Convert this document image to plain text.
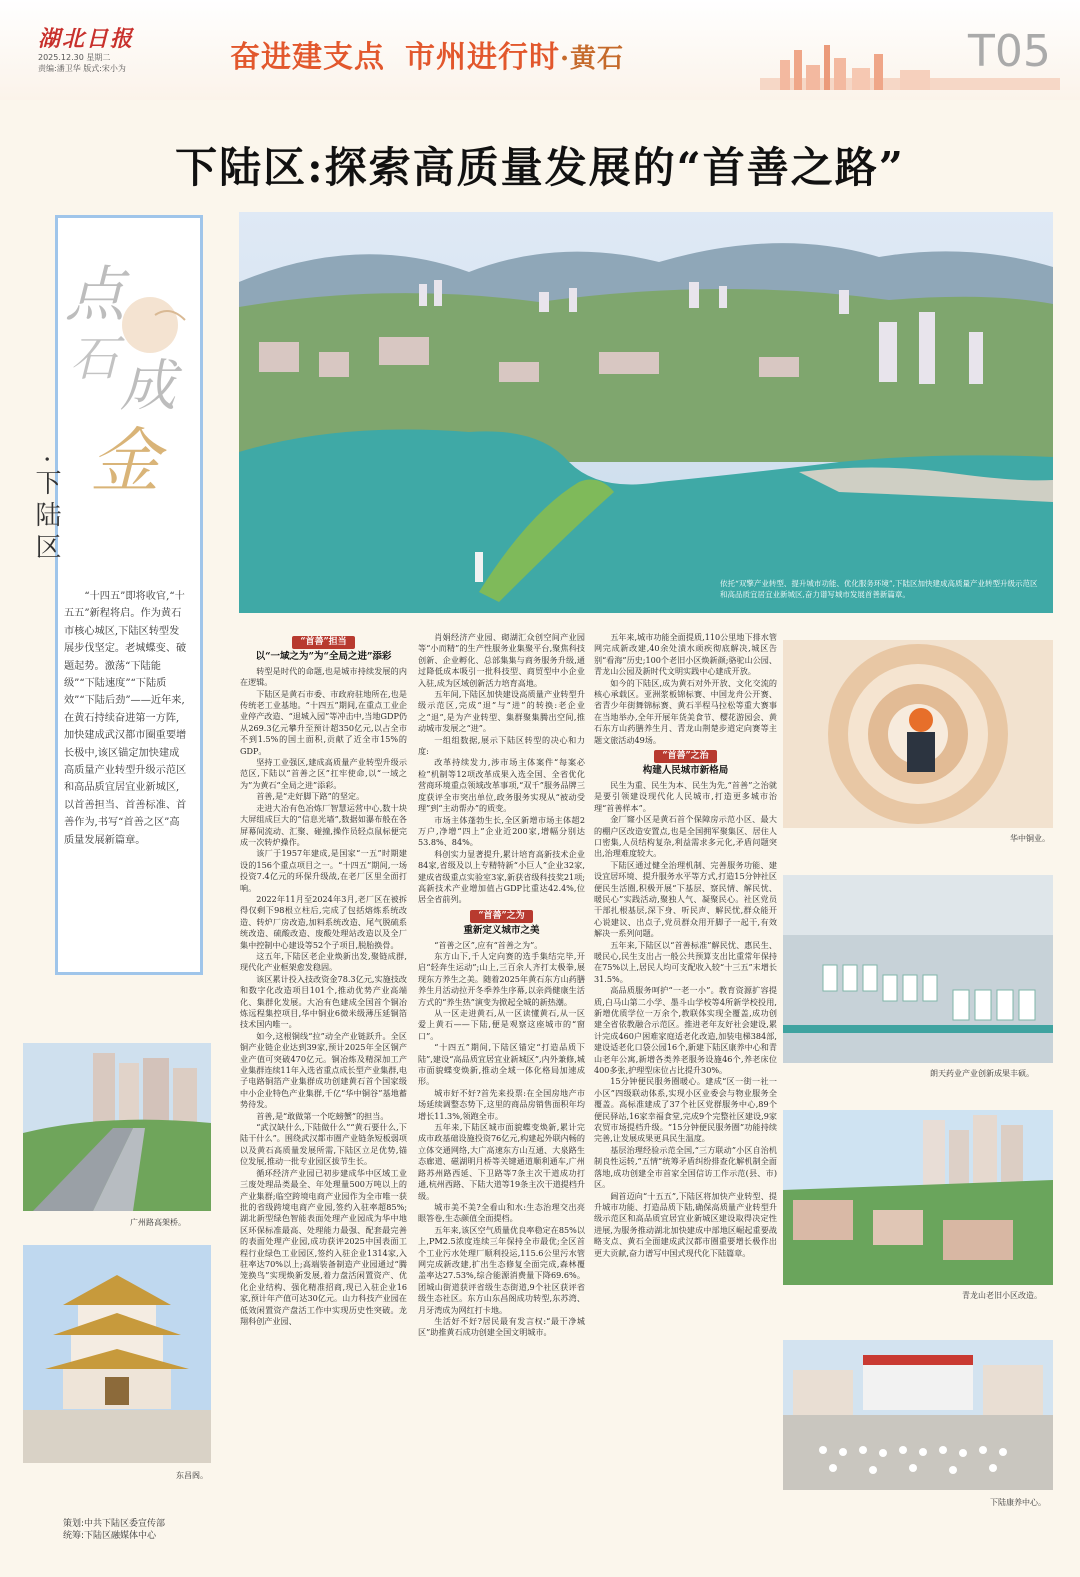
湖北日报
2025.12.30 星期二
责编:潘卫华 版式:宋小为	奋进建支点 市州进行时·黄石	T05
下陆区:探索高质量发展的“首善之路”
点
石 成
金
·下陆区
“十四五”即将收官,“十五五”新程将启。作为黄石市核心城区,下陆区转型发展步伐坚定。老城蝶变、破题起势。激荡“下陆能级”“下陆速度”“下陆质效”“下陆后劲”——近年来,在黄石持续奋进第一方阵,加快建成武汉都市圈重要增长极中,该区锚定加快建成高质量产业转型升级示范区和高品质宜居宜业新城区,以首善担当、首善标准、首善作为,书写“首善之区”高质量发展新篇章。
依托“双擎产业转型、提升城市功能、优化服务环境”,下陆区加快建成高质量产业转型升级示范区和高品质宜居宜业新城区,奋力谱写城市发展首善新篇章。
广州路高架桥。
东昌阁。
华中铜业。
朗天药业产业创新成果丰硕。
青龙山老旧小区改造。
下陆康养中心。
策划:中共下陆区委宣传部
统筹:下陆区融媒体中心
“首善”担当
以“一域之为”为“全局之进”添彩

转型是时代的命题,也是城市持续发展的内在逻辑。

下陆区是黄石市委、市政府驻地所在,也是传统老工业基地。“十四五”期间,在重点工业企业停产改造、“退城入园”等冲击中,当地GDP仍从269.3亿元攀升至预计超350亿元,以占全市不到1.5%的国土面积,贡献了近全市15%的GDP。

坚持工业强区,建成高质量产业转型升级示范区,下陆以“首善之区”扛牢使命,以“一域之为”为黄石“全局之进”添彩。

首善,是“走好脚下路”的坚定。

走进大冶有色冶炼厂智慧运营中心,数十块大屏组成巨大的“信息光墙”,数据如瀑布般在各屏幕间流动、汇聚、碰撞,操作员轻点鼠标便完成一次转炉操作。

该厂于1957年建成,是国家“一五”时期建设的156个重点项目之一。“十四五”期间,一场投资7.4亿元的环保升级战,在老厂区里全面打响。

2022年11月至2024年3月,老厂区在被拆得仅剩下98根立柱后,完成了包括熔炼系统改造、转炉厂房改造,加料系统改造、尾气脱硫系统改造、硫酸改造、废酸处理站改造以及全厂集中控制中心建设等52个子项目,脱胎换骨。

这五年,下陆区老企业焕新出发,聚链成群,现代化产业框架愈发稳固。

该区累计投入技改资金78.3亿元,实施技改和数字化改造项目101个,推动优势产业高端化、集群化发展。大冶有色建成全国首个铜冶炼远程集控项目,华中铜业6微米级薄压延铜箔技术国内唯一。

如今,这根铜线“拉”动全产业链跃升。全区铜产业链企业达到39家,预计2025年全区铜产业产值可突破470亿元。铜冶炼及精深加工产业集群连续11年入选省重点成长型产业集群,电子电路铜箔产业集群成功创建黄石首个国家级中小企业特色产业集群,千亿“华中铜谷”基地蓄势待发。

首善,是“敢做第一个吃螃蟹”的担当。

“武汉缺什么,下陆做什么”“黄石要什么,下陆干什么”。围绕武汉都市圈产业链条短板弱项以及黄石高质量发展所需,下陆区立足优势,锚位发展,推动一批专业园区拔节生长。

循环经济产业园已初步建成华中区域工业三废处理品类最全、年处理量500万吨以上的产业集群;临空跨境电商产业园作为全市唯一获批的省级跨境电商产业园,签约入驻率超85%;湖北新型绿色智能表面处理产业园成为华中地区环保标准最高、处理能力最强、配套最完善的表面处理产业园,成功获评2025中国表面工程行业绿色工业园区,签约入驻企业1314家,入驻率达70%以上;高端装备制造产业园通过“腾笼换鸟”实现焕新发展,着力盘活闲置资产、优化企业结构、强化精准招商,现已入驻企业16家,预计年产值可达30亿元。山力科技产业园在低效闲置资产盘活工作中实现历史性突破。龙翔科创产业园、

肖娟经济产业园、砌湖汇众创空间产业园等“小而精”的生产性服务业集聚平台,聚焦科技创新、企业孵化、总部集集与商务服务升级,通过降低成本吸引一批科技型、商贸型中小企业入驻,成为区域创新活力培育高地。

五年间,下陆区加快建设高质量产业转型升级示范区,完成“退”与“进”的转换:老企业之“退”,是为产业转型、集群聚集腾出空间,推动城市发展之“进”。

一组组数据,展示下陆区转型的决心和力度:

改革持续发力,涉市场主体案件“每案必检”机制等12项改革成果入选全国、全省优化营商环境重点领域改革事项,“双千”服务品牌三度获评全市突出单位,政务服务实现从“被动受理”到“主动帮办”的质变。

市场主体蓬勃生长,全区新增市场主体超2万户,净增“四上”企业近200家,增幅分别达53.8%、84%。

科创实力显著提升,累计培育高新技术企业84家,省级及以上专精特新“小巨人”企业32家,建成省级重点实验室3家,新获省级科技奖21项;高新技术产业增加值占GDP比重达42.4%,位居全省前列。

“首善”之为
重新定义城市之美

“首善之区”,应有“首善之为”。

东方山下,千人定向赛的选手集结完毕,开启“轻奔生运动”;山上,三百余人齐打太极拳,展现东方养生之美。随着2025年黄石东方山药膳养生月活动拉开冬季养生序幕,以亲尚健康生活方式的“养生热”演变为掀起全城的新热潮。

从一区走进黄石,从一区读懂黄石,从一区爱上黄石——下陆,便是观察这座城市的“窗口”。

“十四五”期间,下陆区锚定“打造品质下陆”,建设“高品质宜居宜业新城区”,内外兼修,城市面貌蝶变焕新,推动全域一体化格局加速成形。

城市好不好?首先来投票:在全国房地产市场延续调整态势下,这里的商品房销售面积年均增长11.3%,领跑全市。

五年来,下陆区城市面貌蝶变焕新,累计完成市政基础设施投资76亿元,构建起外联内畅的立体交通网络,大广高速东方山互通、大泉路生态廊道、磁湖明月桥等关键通道顺利通车,广州路苏州路西延、下卫路等7条主次干道成功打通,杭州西路、下陆大道等19条主次干道提档升级。

城市美不美?全看山和水:生态治理交出亮眼答卷,生态颜值全面提档。

五年来,该区空气质量优良率稳定在85%以上,PM2.5浓度连续三年保持全市最优;全区首个工业污水处理厂顺利投运,115.6公里污水管网完成新改建,扩出生态修复全面完成,森林覆盖率达27.53%,综合能源消费量下降69.6%。团城山街道获评省级生态街道,9个社区获评省级生态社区。东方山东昌阁成功转型,东苏湾、月牙湾成为网红打卡地。

生活好不好?居民最有发言权:“最干净城区”助推黄石成功创建全国文明城市。

五年来,城市功能全面提质,110公里地下排水管网完成新改建,40余处渍水顽疾彻底解决,城区告别“看海”历史;100个老旧小区焕新颜;骆驼山公园、青龙山公园及新时代文明实践中心建成开放。

如今的下陆区,成为黄石对外开放、文化交流的核心承载区。亚洲浆板锦标赛、中国龙舟公开赛、省青少年街舞锦标赛、黄石半程马拉松等重大赛事在当地举办,全年开展年货美食节、樱花游园会、黄石东方山药膳养生月、青龙山荆楚步道定向赛等主题文旅活动49场。

“首善”之治
构建人民城市新格局

民生为重、民生为本、民生为先,“首善”之治就是要引领建设现代化人民城市,打造更多城市治理“首善样本”。

金厂窿小区是黄石首个保障房示范小区、最大的棚户区改造安置点,也是全国拥军聚集区、居住人口密集,人员结构复杂,利益需求多元化,矛盾问题突出,治理难度较大。

下陆区通过健全治理机制、完善服务功能、建设宜居环境、提升服务水平等方式,打造15分钟社区便民生活圈,积极开展“下基层、察民情、解民忧、暖民心”实践活动,聚独人气、凝聚民心。社区党员干部扎根基层,深下身、听民声、解民忧,群众能开心说建议、出点子,党员群众用开脚子一起干,有效解决一系列问题。

五年来,下陆区以“首善标准”解民忧、惠民生、暖民心,民生支出占一般公共预算支出比重常年保持在75%以上,居民人均可支配收入较“十三五”末增长31.5%。

高品质服务呵护“一老一小”。教育资源扩容提质,白马山第二小学、墨斗山学校等4所新学校投用,新增优质学位一万余个,教联体实现全覆盖,成功创建全省依教融合示范区。推进老年友好社会建设,累计完成460户困难家庭适老化改造,加装电梯384部,建设适老化口袋公园16个,新建下陆区康养中心和青山老年公寓,新增各类养老服务设施46个,养老床位400多张,护理型床位占比提升30%。

15分钟便民服务圈暖心。建成“区一街一社一小区”四级联动体系,实现小区业委会与物业服务全覆盖。高标准建成了37个社区党群服务中心,89个便民驿站,16家幸福食堂,完成9个完整社区建设,9家农贸市场提档升级。“15分钟便民服务圈”功能持续完善,让发展成果更具民生温度。

基层治理经验示范全国,“三方联动”小区自治机制良性运转,“五情”统筹矛盾纠纷排查化解机制全面落地,成功创建全市首家全国信访工作示范(县、市)区。

阔首迈向“十五五”,下陆区将加快产业转型、提升城市功能、打造品质下陆,确保高质量产业转型升级示范区和高品质宜居宜业新城区建设取得决定性进展,为服务推动湖北加快建成中部地区崛起重要战略支点、黄石全面建成武汉都市圈重要增长极作出更大贡献,奋力谱写中国式现代化下陆篇章。
